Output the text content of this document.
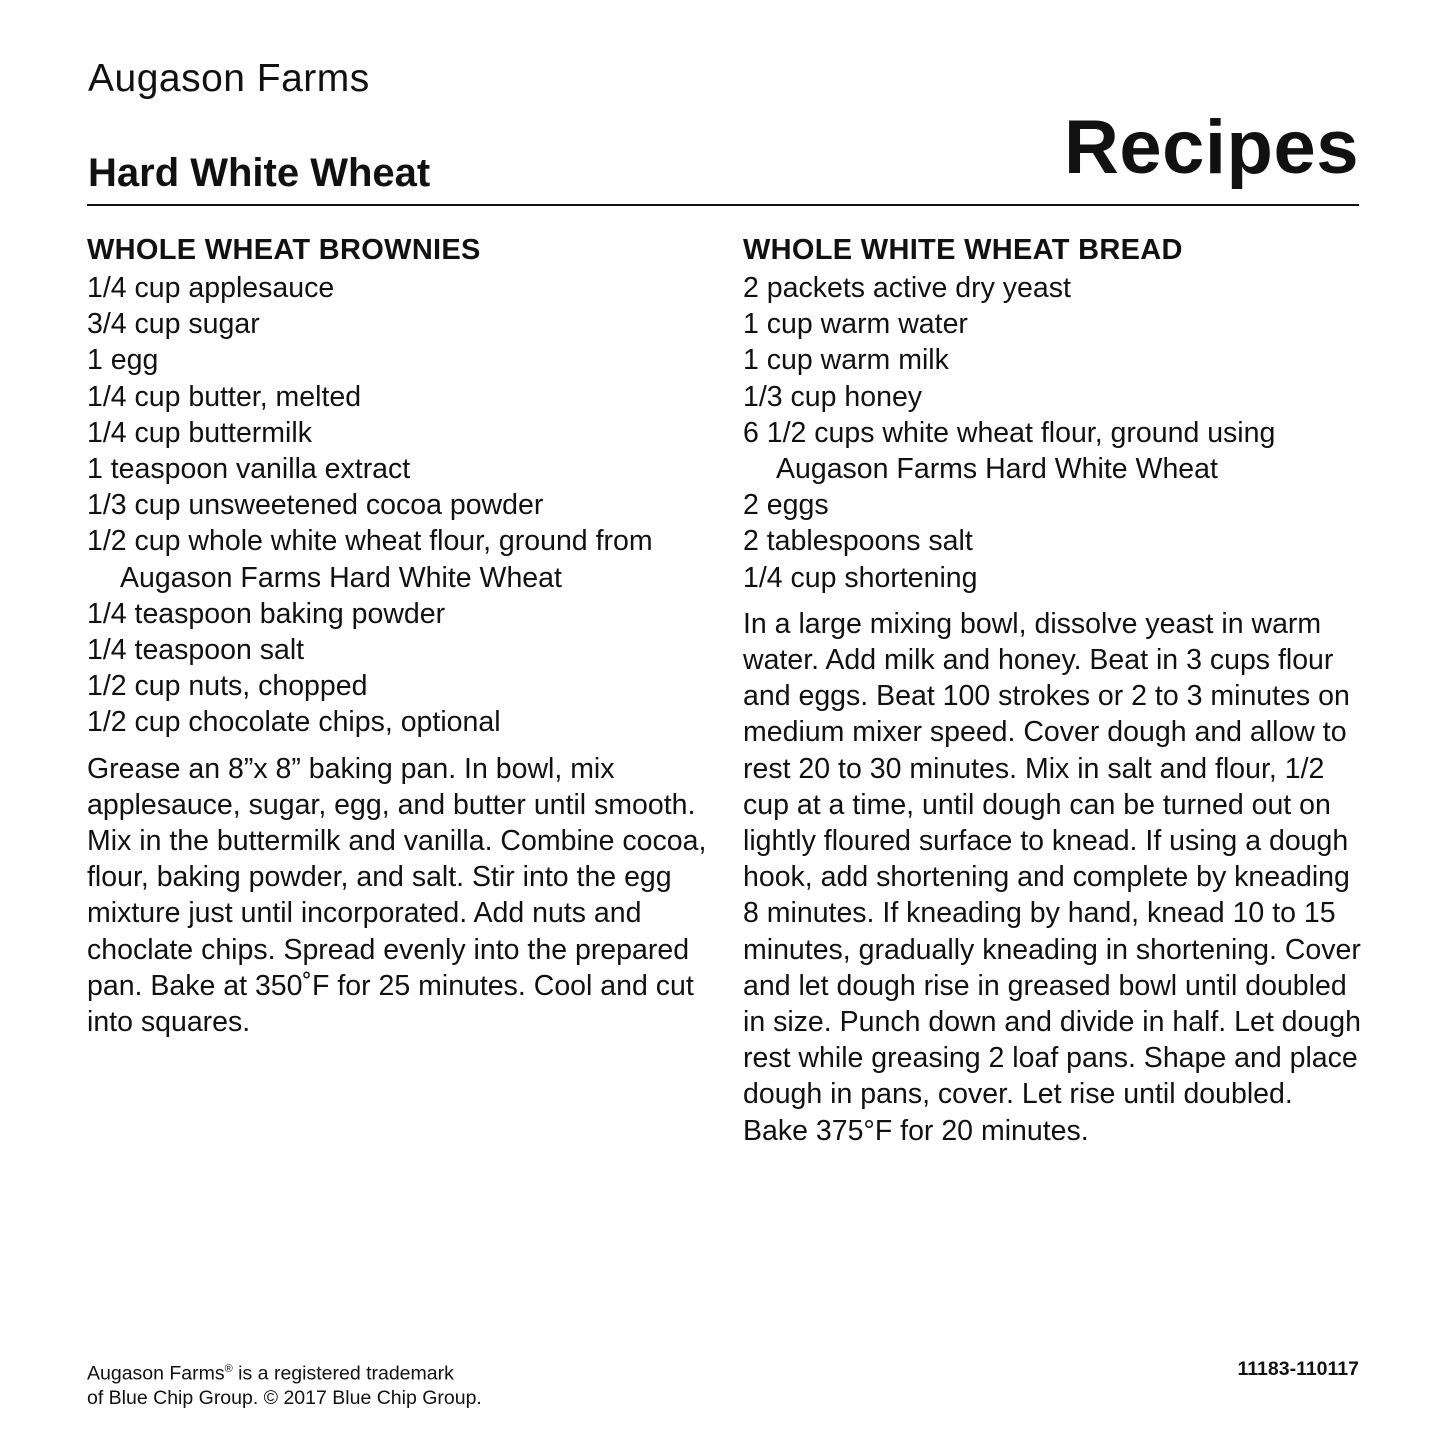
Augason Farms
Hard White Wheat	Recipes
WHOLE WHEAT BROWNIES
1/4 cup applesauce
3/4 cup sugar
1 egg
1/4 cup butter, melted
1/4 cup buttermilk
1 teaspoon vanilla extract
1/3 cup unsweetened cocoa powder
1/2 cup whole white wheat flour, ground from Augason Farms Hard White Wheat
1/4 teaspoon baking powder
1/4 teaspoon salt
1/2 cup nuts, chopped
1/2 cup chocolate chips, optional

Grease an 8”x 8” baking pan. In bowl, mix applesauce, sugar, egg, and butter until smooth. Mix in the buttermilk and vanilla. Combine cocoa, flour, baking powder, and salt. Stir into the egg mixture just until incorporated. Add nuts and choclate chips. Spread evenly into the prepared pan. Bake at 350˚F for 25 minutes. Cool and cut into squares.

WHOLE WHITE WHEAT BREAD
2 packets active dry yeast
1 cup warm water
1 cup warm milk
1/3 cup honey
6 1/2 cups white wheat flour, ground using Augason Farms Hard White Wheat
2 eggs
2 tablespoons salt
1/4 cup shortening

In a large mixing bowl, dissolve yeast in warm water. Add milk and honey. Beat in 3 cups flour and eggs. Beat 100 strokes or 2 to 3 minutes on medium mixer speed. Cover dough and allow to rest 20 to 30 minutes. Mix in salt and flour, 1/2 cup at a time, until dough can be turned out on lightly floured surface to knead. If using a dough hook, add shortening and complete by kneading 8 minutes. If kneading by hand, knead 10 to 15 minutes, gradually kneading in shortening. Cover and let dough rise in greased bowl until doubled in size. Punch down and divide in half. Let dough rest while greasing 2 loaf pans. Shape and place dough in pans, cover. Let rise until doubled. Bake 375°F for 20 minutes.

Augason Farms® is a registered trademark
of Blue Chip Group. © 2017 Blue Chip Group.

11183-110117
